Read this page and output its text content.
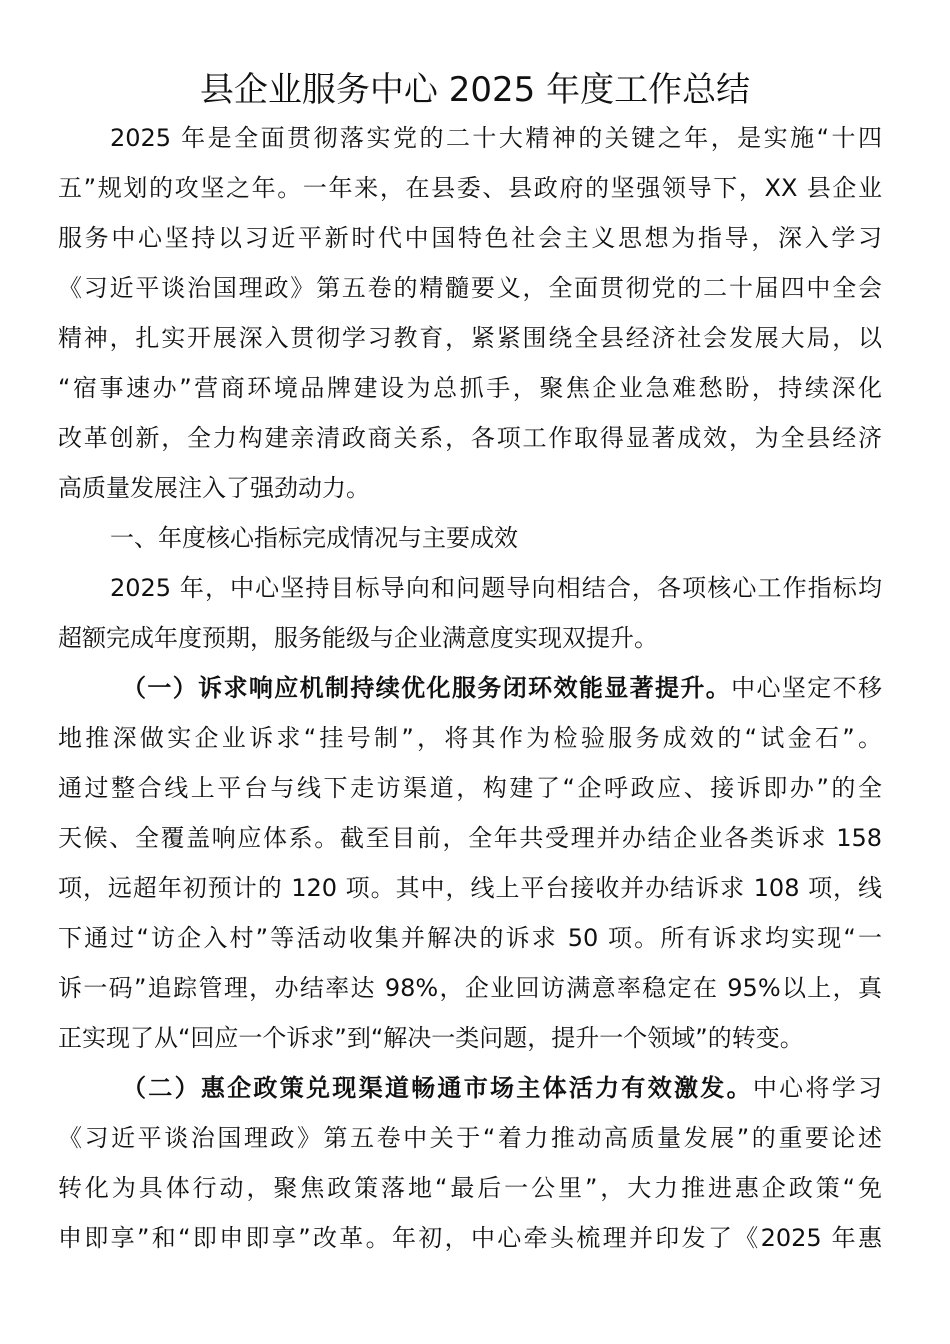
县企业服务中心 2025 年度工作总结
2025 年是全面贯彻落实党的二十大精神的关键之年，是实施“十四
五”规划的攻坚之年。一年来，在县委、县政府的坚强领导下，XX 县企业
服务中心坚持以习近平新时代中国特色社会主义思想为指导，深入学习
《习近平谈治国理政》第五卷的精髓要义，全面贯彻党的二十届四中全会
精神，扎实开展深入贯彻学习教育，紧紧围绕全县经济社会发展大局，以
“宿事速办”营商环境品牌建设为总抓手，聚焦企业急难愁盼，持续深化
改革创新，全力构建亲清政商关系，各项工作取得显著成效，为全县经济
高质量发展注入了强劲动力。
一、年度核心指标完成情况与主要成效
2025 年，中心坚持目标导向和问题导向相结合，各项核心工作指标均
超额完成年度预期，服务能级与企业满意度实现双提升。
（一）诉求响应机制持续优化服务闭环效能显著提升。中心坚定不移
地推深做实企业诉求“挂号制”，将其作为检验服务成效的“试金石”。
通过整合线上平台与线下走访渠道，构建了“企呼政应、接诉即办”的全
天候、全覆盖响应体系。截至目前，全年共受理并办结企业各类诉求 158
项，远超年初预计的 120 项。其中，线上平台接收并办结诉求 108 项，线
下通过“访企入村”等活动收集并解决的诉求 50 项。所有诉求均实现“一
诉一码”追踪管理，办结率达 98%，企业回访满意率稳定在 95%以上，真
正实现了从“回应一个诉求”到“解决一类问题，提升一个领域”的转变。
（二）惠企政策兑现渠道畅通市场主体活力有效激发。中心将学习
《习近平谈治国理政》第五卷中关于“着力推动高质量发展”的重要论述
转化为具体行动，聚焦政策落地“最后一公里”，大力推进惠企政策“免
申即享”和“即申即享”改革。年初，中心牵头梳理并印发了《2025 年惠
